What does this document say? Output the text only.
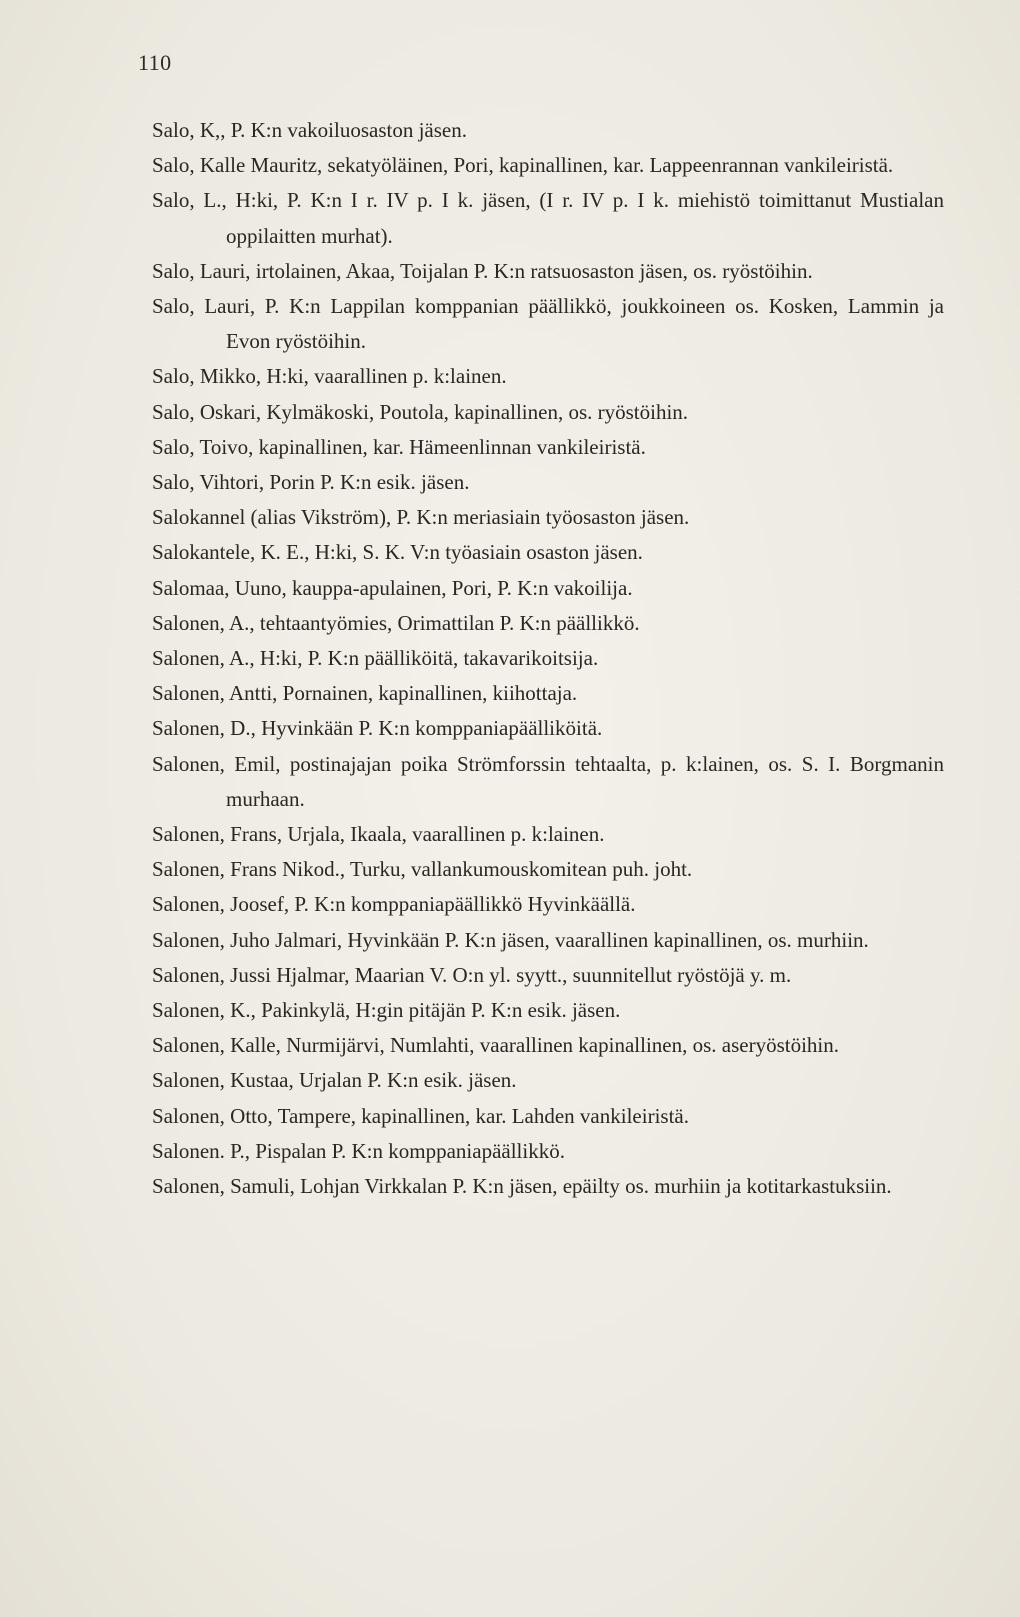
110
Salo, K,, P. K:n vakoiluosaston jäsen.
Salo, Kalle Mauritz, sekatyöläinen, Pori, kapinallinen, kar. Lappeenrannan vankileiristä.
Salo, L., H:ki, P. K:n I r. IV p. I k. jäsen, (I r. IV p. I k. miehistö toimittanut Mustialan oppilaitten murhat).
Salo, Lauri, irtolainen, Akaa, Toijalan P. K:n ratsuosaston jäsen, os. ryöstöihin.
Salo, Lauri, P. K:n Lappilan komppanian päällikkö, joukkoineen os. Kosken, Lammin ja Evon ryöstöihin.
Salo, Mikko, H:ki, vaarallinen p. k:lainen.
Salo, Oskari, Kylmäkoski, Poutola, kapinallinen, os. ryöstöihin.
Salo, Toivo, kapinallinen, kar. Hämeenlinnan vankileiristä.
Salo, Vihtori, Porin P. K:n esik. jäsen.
Salokannel (alias Vikström), P. K:n meriasiain työosaston jäsen.
Salokantele, K. E., H:ki, S. K. V:n työasiain osaston jäsen.
Salomaa, Uuno, kauppa-apulainen, Pori, P. K:n vakoilija.
Salonen, A., tehtaantyömies, Orimattilan P. K:n päällikkö.
Salonen, A., H:ki, P. K:n päälliköitä, takavarikoitsija.
Salonen, Antti, Pornainen, kapinallinen, kiihottaja.
Salonen, D., Hyvinkään P. K:n komppaniapäälliköitä.
Salonen, Emil, postinajajan poika Strömforssin tehtaalta, p. k:lainen, os. S. I. Borgmanin murhaan.
Salonen, Frans, Urjala, Ikaala, vaarallinen p. k:lainen.
Salonen, Frans Nikod., Turku, vallankumouskomitean puh. joht.
Salonen, Joosef, P. K:n komppaniapäällikkö Hyvinkäällä.
Salonen, Juho Jalmari, Hyvinkään P. K:n jäsen, vaarallinen kapinallinen, os. murhiin.
Salonen, Jussi Hjalmar, Maarian V. O:n yl. syytt., suunnitellut ryöstöjä y. m.
Salonen, K., Pakinkylä, H:gin pitäjän P. K:n esik. jäsen.
Salonen, Kalle, Nurmijärvi, Numlahti, vaarallinen kapinallinen, os. aseryöstöihin.
Salonen, Kustaa, Urjalan P. K:n esik. jäsen.
Salonen, Otto, Tampere, kapinallinen, kar. Lahden vankileiristä.
Salonen. P., Pispalan P. K:n komppaniapäällikkö.
Salonen, Samuli, Lohjan Virkkalan P. K:n jäsen, epäilty os. murhiin ja kotitarkastuksiin.
